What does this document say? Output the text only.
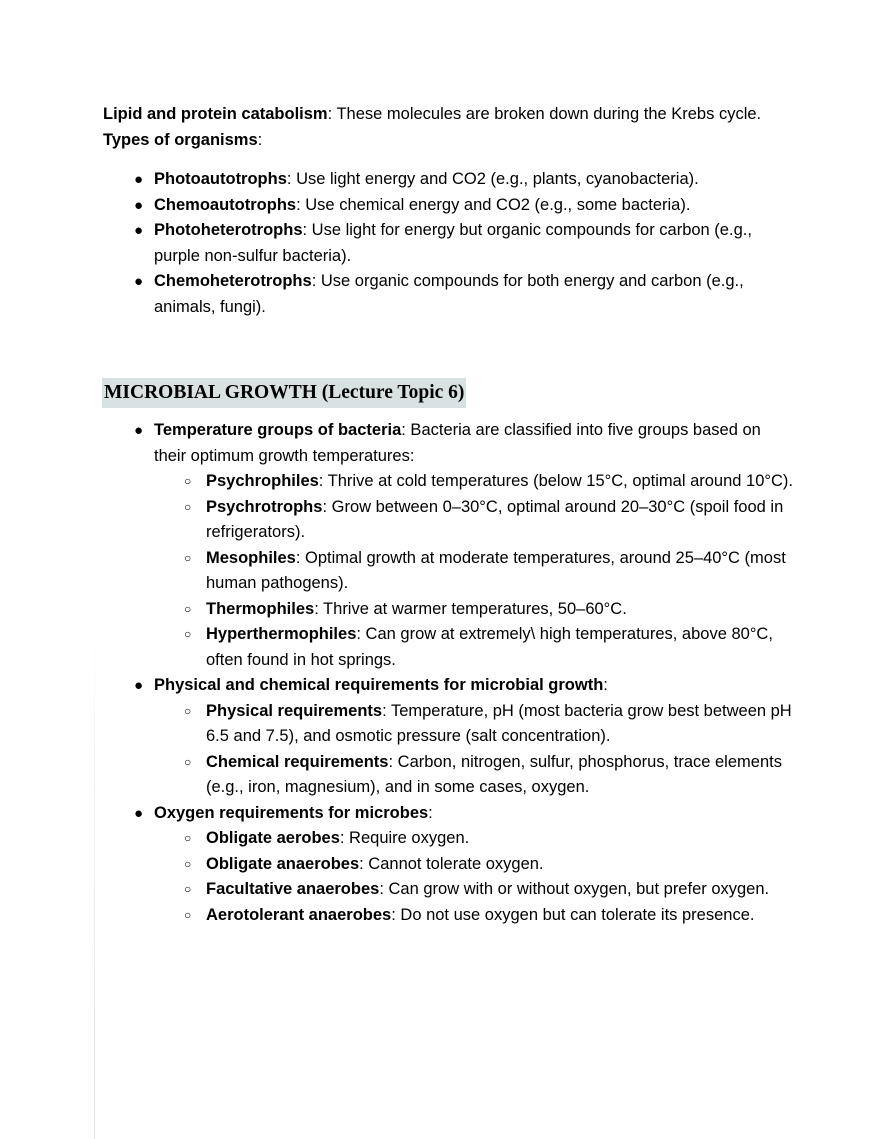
Lipid and protein catabolism: These molecules are broken down during the Krebs cycle.

Types of organisms:

● Photoautotrophs: Use light energy and CO2 (e.g., plants, cyanobacteria).
● Chemoautotrophs: Use chemical energy and CO2 (e.g., some bacteria).
● Photoheterotrophs: Use light for energy but organic compounds for carbon (e.g., purple non-sulfur bacteria).
● Chemoheterotrophs: Use organic compounds for both energy and carbon (e.g., animals, fungi).
MICROBIAL GROWTH (Lecture Topic 6)
● Temperature groups of bacteria: Bacteria are classified into five groups based on their optimum growth temperatures:
○ Psychrophiles: Thrive at cold temperatures (below 15°C, optimal around 10°C).
○ Psychrotrophs: Grow between 0–30°C, optimal around 20–30°C (spoil food in refrigerators).
○ Mesophiles: Optimal growth at moderate temperatures, around 25–40°C (most human pathogens).
○ Thermophiles: Thrive at warmer temperatures, 50–60°C.
○ Hyperthermophiles: Can grow at extremely\ high temperatures, above 80°C, often found in hot springs.
● Physical and chemical requirements for microbial growth:
○ Physical requirements: Temperature, pH (most bacteria grow best between pH 6.5 and 7.5), and osmotic pressure (salt concentration).
○ Chemical requirements: Carbon, nitrogen, sulfur, phosphorus, trace elements (e.g., iron, magnesium), and in some cases, oxygen.
● Oxygen requirements for microbes:
○ Obligate aerobes: Require oxygen.
○ Obligate anaerobes: Cannot tolerate oxygen.
○ Facultative anaerobes: Can grow with or without oxygen, but prefer oxygen.
○ Aerotolerant anaerobes: Do not use oxygen but can tolerate its presence.
